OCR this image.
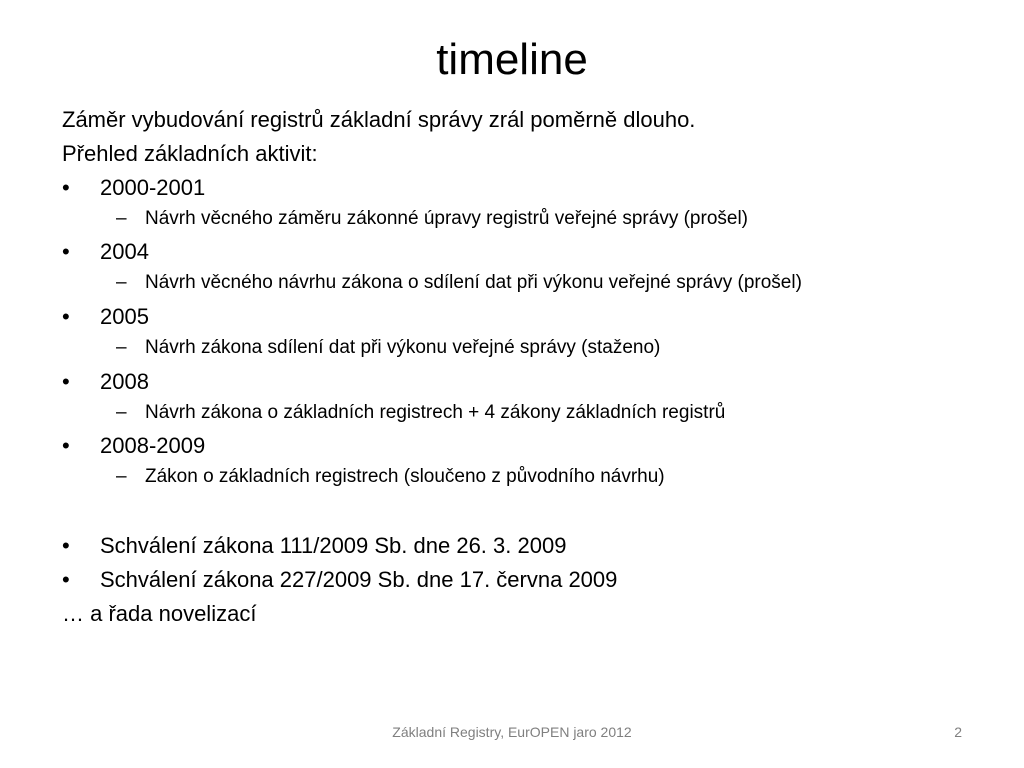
timeline
Záměr vybudování registrů základní správy zrál poměrně dlouho.
Přehled základních aktivit:
• 2000-2001
– Návrh věcného záměru zákonné úpravy registrů veřejné správy (prošel)
• 2004
– Návrh věcného návrhu zákona o sdílení dat při výkonu veřejné správy (prošel)
• 2005
– Návrh zákona sdílení dat při výkonu veřejné správy (staženo)
• 2008
– Návrh zákona o základních registrech + 4 zákony základních registrů
• 2008-2009
– Zákon o základních registrech (sloučeno z původního návrhu)
• Schválení zákona 111/2009 Sb. dne 26. 3. 2009
• Schválení zákona 227/2009 Sb. dne 17. června 2009
… a řada novelizací
Základní Registry, EurOPEN jaro 2012	2
